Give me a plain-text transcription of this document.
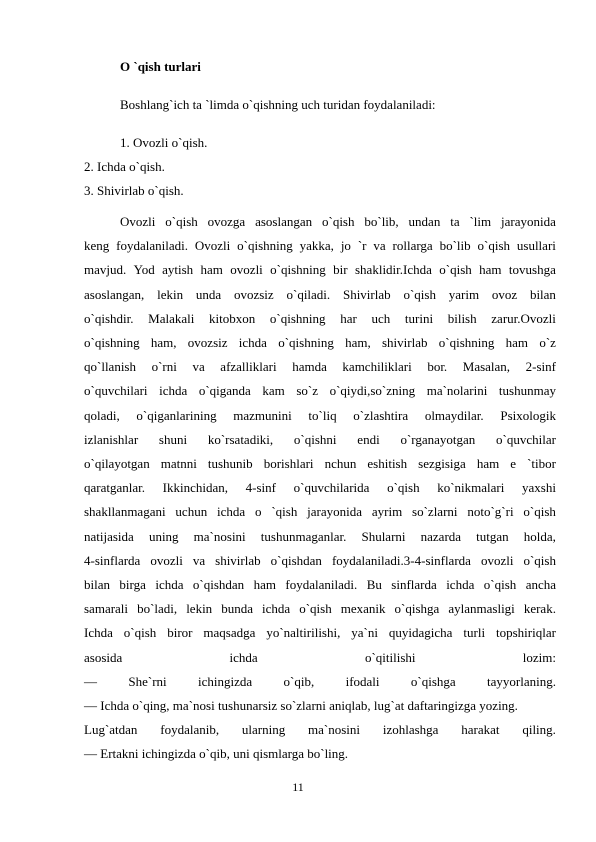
O `qish turlari
Boshlang`ich ta `limda o`qishning uch turidan foydalaniladi:
1. Ovozli o`qish.
2. Ichda o`qish.
3. Shivirlab o`qish.
Ovozli o`qish ovozga asoslangan o`qish bo`lib, undan ta `lim jarayonida
keng foydalaniladi. Ovozli o`qishning yakka, jo `r va rollarga bo`lib o`qish usullari
mavjud. Yod aytish ham ovozli o`qishning bir shaklidir.Ichda o`qish ham tovushga
asoslangan, lekin unda ovozsiz o`qiladi. Shivirlab o`qish yarim ovoz bilan
o`qishdir. Malakali kitobxon o`qishning har uch turini bilish zarur.Ovozli
o`qishning ham, ovozsiz ichda o`qishning ham, shivirlab o`qishning ham o`z
qo`llanish o`rni va afzalliklari hamda kamchiliklari bor. Masalan, 2-sinf
o`quvchilari ichda o`qiganda kam so`z o`qiydi,so`zning ma`nolarini tushunmay
qoladi, o`qiganlarining mazmunini to`liq o`zlashtira olmaydilar. Psixologik
izlanishlar shuni ko`rsatadiki, o`qishni endi o`rganayotgan o`quvchilar
o`qilayotgan matnni tushunib borishlari nchun eshitish sezgisiga ham e `tibor
qaratganlar. Ikkinchidan, 4-sinf o`quvchilarida o`qish ko`nikmalari yaxshi
shakllanmagani uchun ichda o `qish jarayonida ayrim so`zlarni noto`g`ri o`qish
natijasida uning ma`nosini tushunmaganlar. Shularni nazarda tutgan holda,
4-sinflarda ovozli va shivirlab o`qishdan foydalaniladi.3-4-sinflarda ovozli o`qish
bilan birga ichda o`qishdan ham foydalaniladi. Bu sinflarda ichda o`qish ancha
samarali bo`ladi, lekin bunda ichda o`qish mexanik o`qishga aylanmasligi kerak.
Ichda o`qish biror maqsadga yo`naltirilishi, ya`ni quyidagicha turli topshiriqlar
asosida	ichda	o`qitilishi	lozim:
— She`rni ichingizda o`qib, ifodali o`qishga tayyorlaning.
— Ichda o`qing, ma`nosi tushunarsiz so`zlarni aniqlab, lug`at daftaringizga yozing.
Lug`atdan foydalanib, ularning ma`nosini izohlashga harakat qiling.
— Ertakni ichingizda o`qib, uni qismlarga bo`ling.
11
